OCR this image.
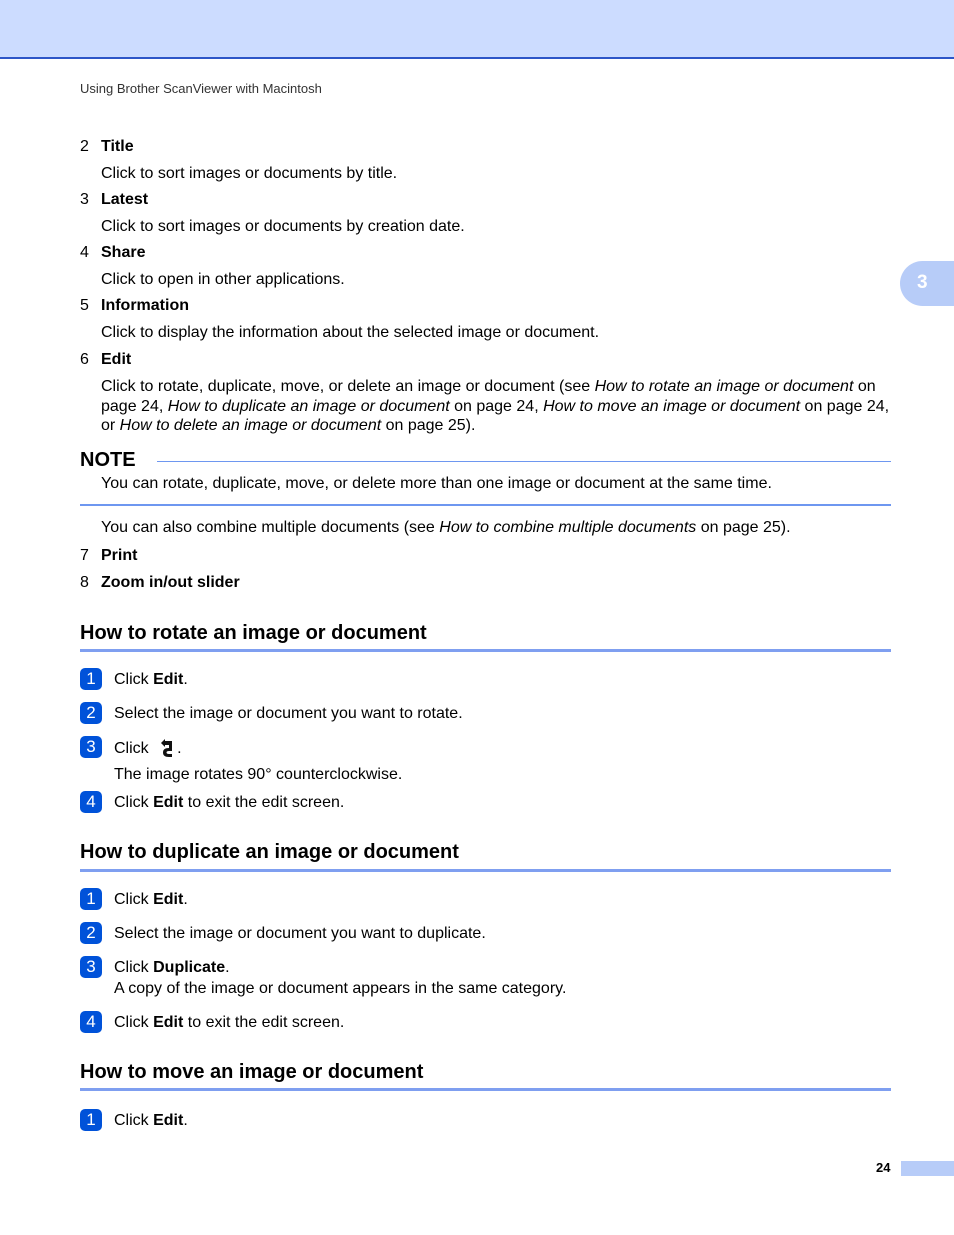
Using Brother ScanViewer with Macintosh
3
2 Title
Click to sort images or documents by title.
3 Latest
Click to sort images or documents by creation date.
4 Share
Click to open in other applications.
5 Information
Click to display the information about the selected image or document.
6 Edit
Click to rotate, duplicate, move, or delete an image or document (see How to rotate an image or document on page 24, How to duplicate an image or document on page 24, How to move an image or document on page 24, or How to delete an image or document on page 25).
NOTE
You can rotate, duplicate, move, or delete more than one image or document at the same time.
You can also combine multiple documents (see How to combine multiple documents on page 25).
7 Print
8 Zoom in/out slider
How to rotate an image or document
1	Click Edit.
2	Select the image or document you want to rotate.
3	Click .
The image rotates 90° counterclockwise.
4	Click Edit to exit the edit screen.
How to duplicate an image or document
1	Click Edit.
2	Select the image or document you want to duplicate.
3	Click Duplicate.
A copy of the image or document appears in the same category.
4	Click Edit to exit the edit screen.
How to move an image or document
1	Click Edit.
24
